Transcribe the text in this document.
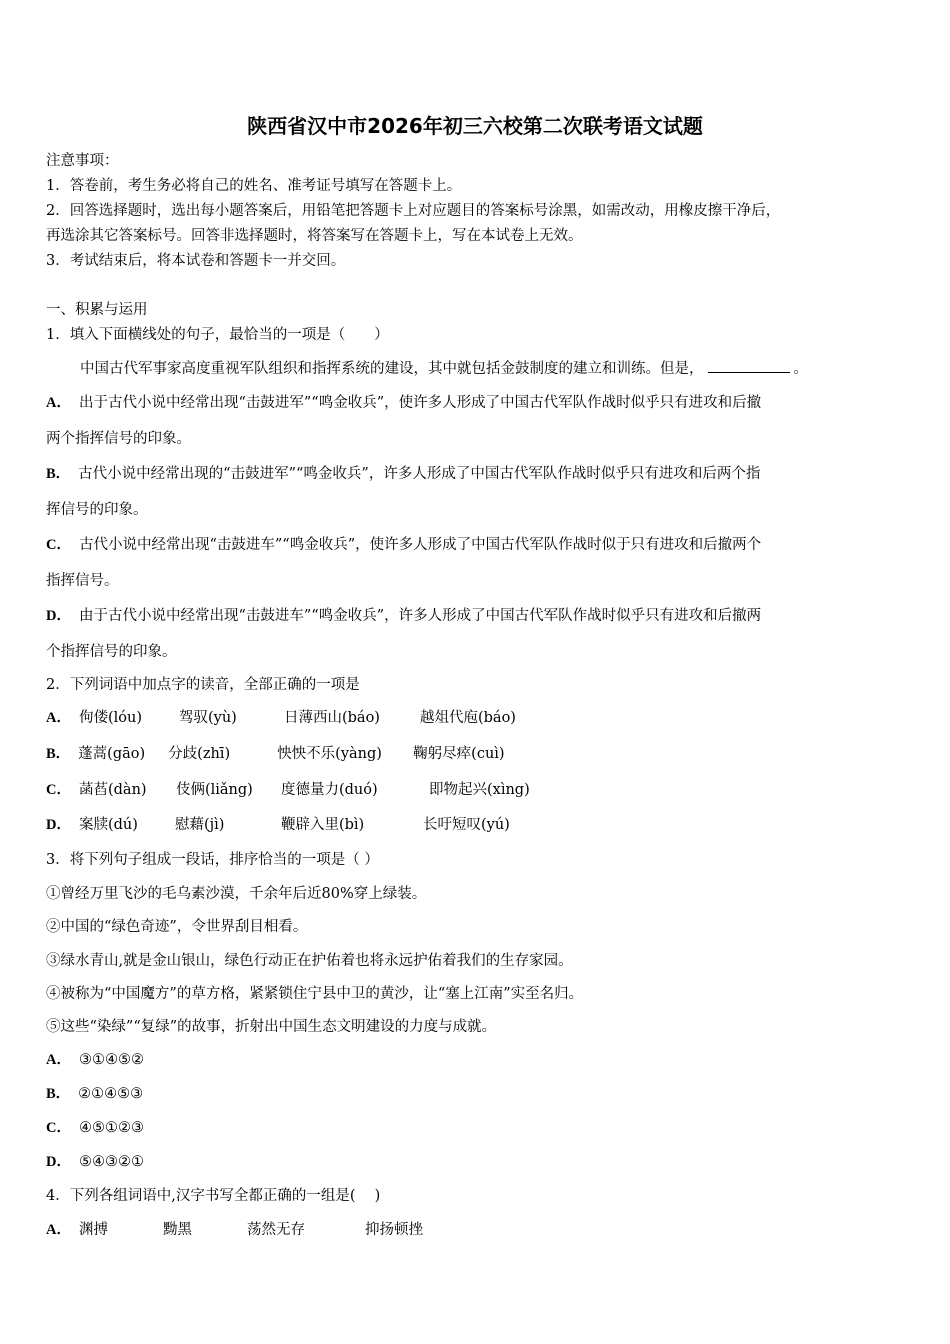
陕西省汉中市2026年初三六校第二次联考语文试题
注意事项：
1．答卷前，考生务必将自己的姓名、准考证号填写在答题卡上。
2．回答选择题时，选出每小题答案后，用铅笔把答题卡上对应题目的答案标号涂黑，如需改动，用橡皮擦干净后，
再选涂其它答案标号。回答非选择题时，将答案写在答题卡上，写在本试卷上无效。
3．考试结束后，将本试卷和答题卡一并交回。
一、积累与运用
1．填入下面横线处的句子，最恰当的一项是（　　）
中国古代军事家高度重视军队组织和指挥系统的建设，其中就包括金鼓制度的建立和训练。但是，	。
A． 出于古代小说中经常出现“击鼓进军”“鸣金收兵”，使许多人形成了中国古代军队作战时似乎只有进攻和后撤
两个指挥信号的印象。
B． 古代小说中经常出现的“击鼓进军”“鸣金收兵”，许多人形成了中国古代军队作战时似乎只有进攻和后两个指
挥信号的印象。
C． 古代小说中经常出现“击鼓进车”“鸣金收兵”，使许多人形成了中国古代军队作战时似于只有进攻和后撤两个
指挥信号。
D． 由于古代小说中经常出现“击鼓进车”“鸣金收兵”，许多人形成了中国古代军队作战时似乎只有进攻和后撤两
个指挥信号的印象。
2．下列词语中加点字的读音，全部正确的一项是
A． 佝偻(lóu)	驾驭(yù)	日薄西山(báo)	越俎代庖(báo)
B． 蓬蒿(gāo) 分歧(zhī)	怏怏不乐(yàng) 鞠躬尽瘁(cuì)
C． 菡萏(dàn) 伎俩(liǎng) 度德量力(duó)	即物起兴(xìng)
D． 案牍(dú)	慰藉(jì)	鞭辟入里(bì)	长吁短叹(yú)
3．将下列句子组成一段话，排序恰当的一项是（ ）
①曾经万里飞沙的毛乌素沙漠，千余年后近80%穿上绿装。
②中国的“绿色奇迹”，令世界刮目相看。
③绿水青山,就是金山银山，绿色行动正在护佑着也将永远护佑着我们的生存家园。
④被称为“中国魔方”的草方格，紧紧锁住宁县中卫的黄沙，让“塞上江南”实至名归。
⑤这些“染绿”“复绿”的故事，折射出中国生态文明建设的力度与成就。
A． ③①④⑤②
B． ②①④⑤③
C． ④⑤①②③
D． ⑤④③②①
4．下列各组词语中,汉字书写全都正确的一组是(　 )
A． 渊搏	黝黑	荡然无存	抑扬顿挫
